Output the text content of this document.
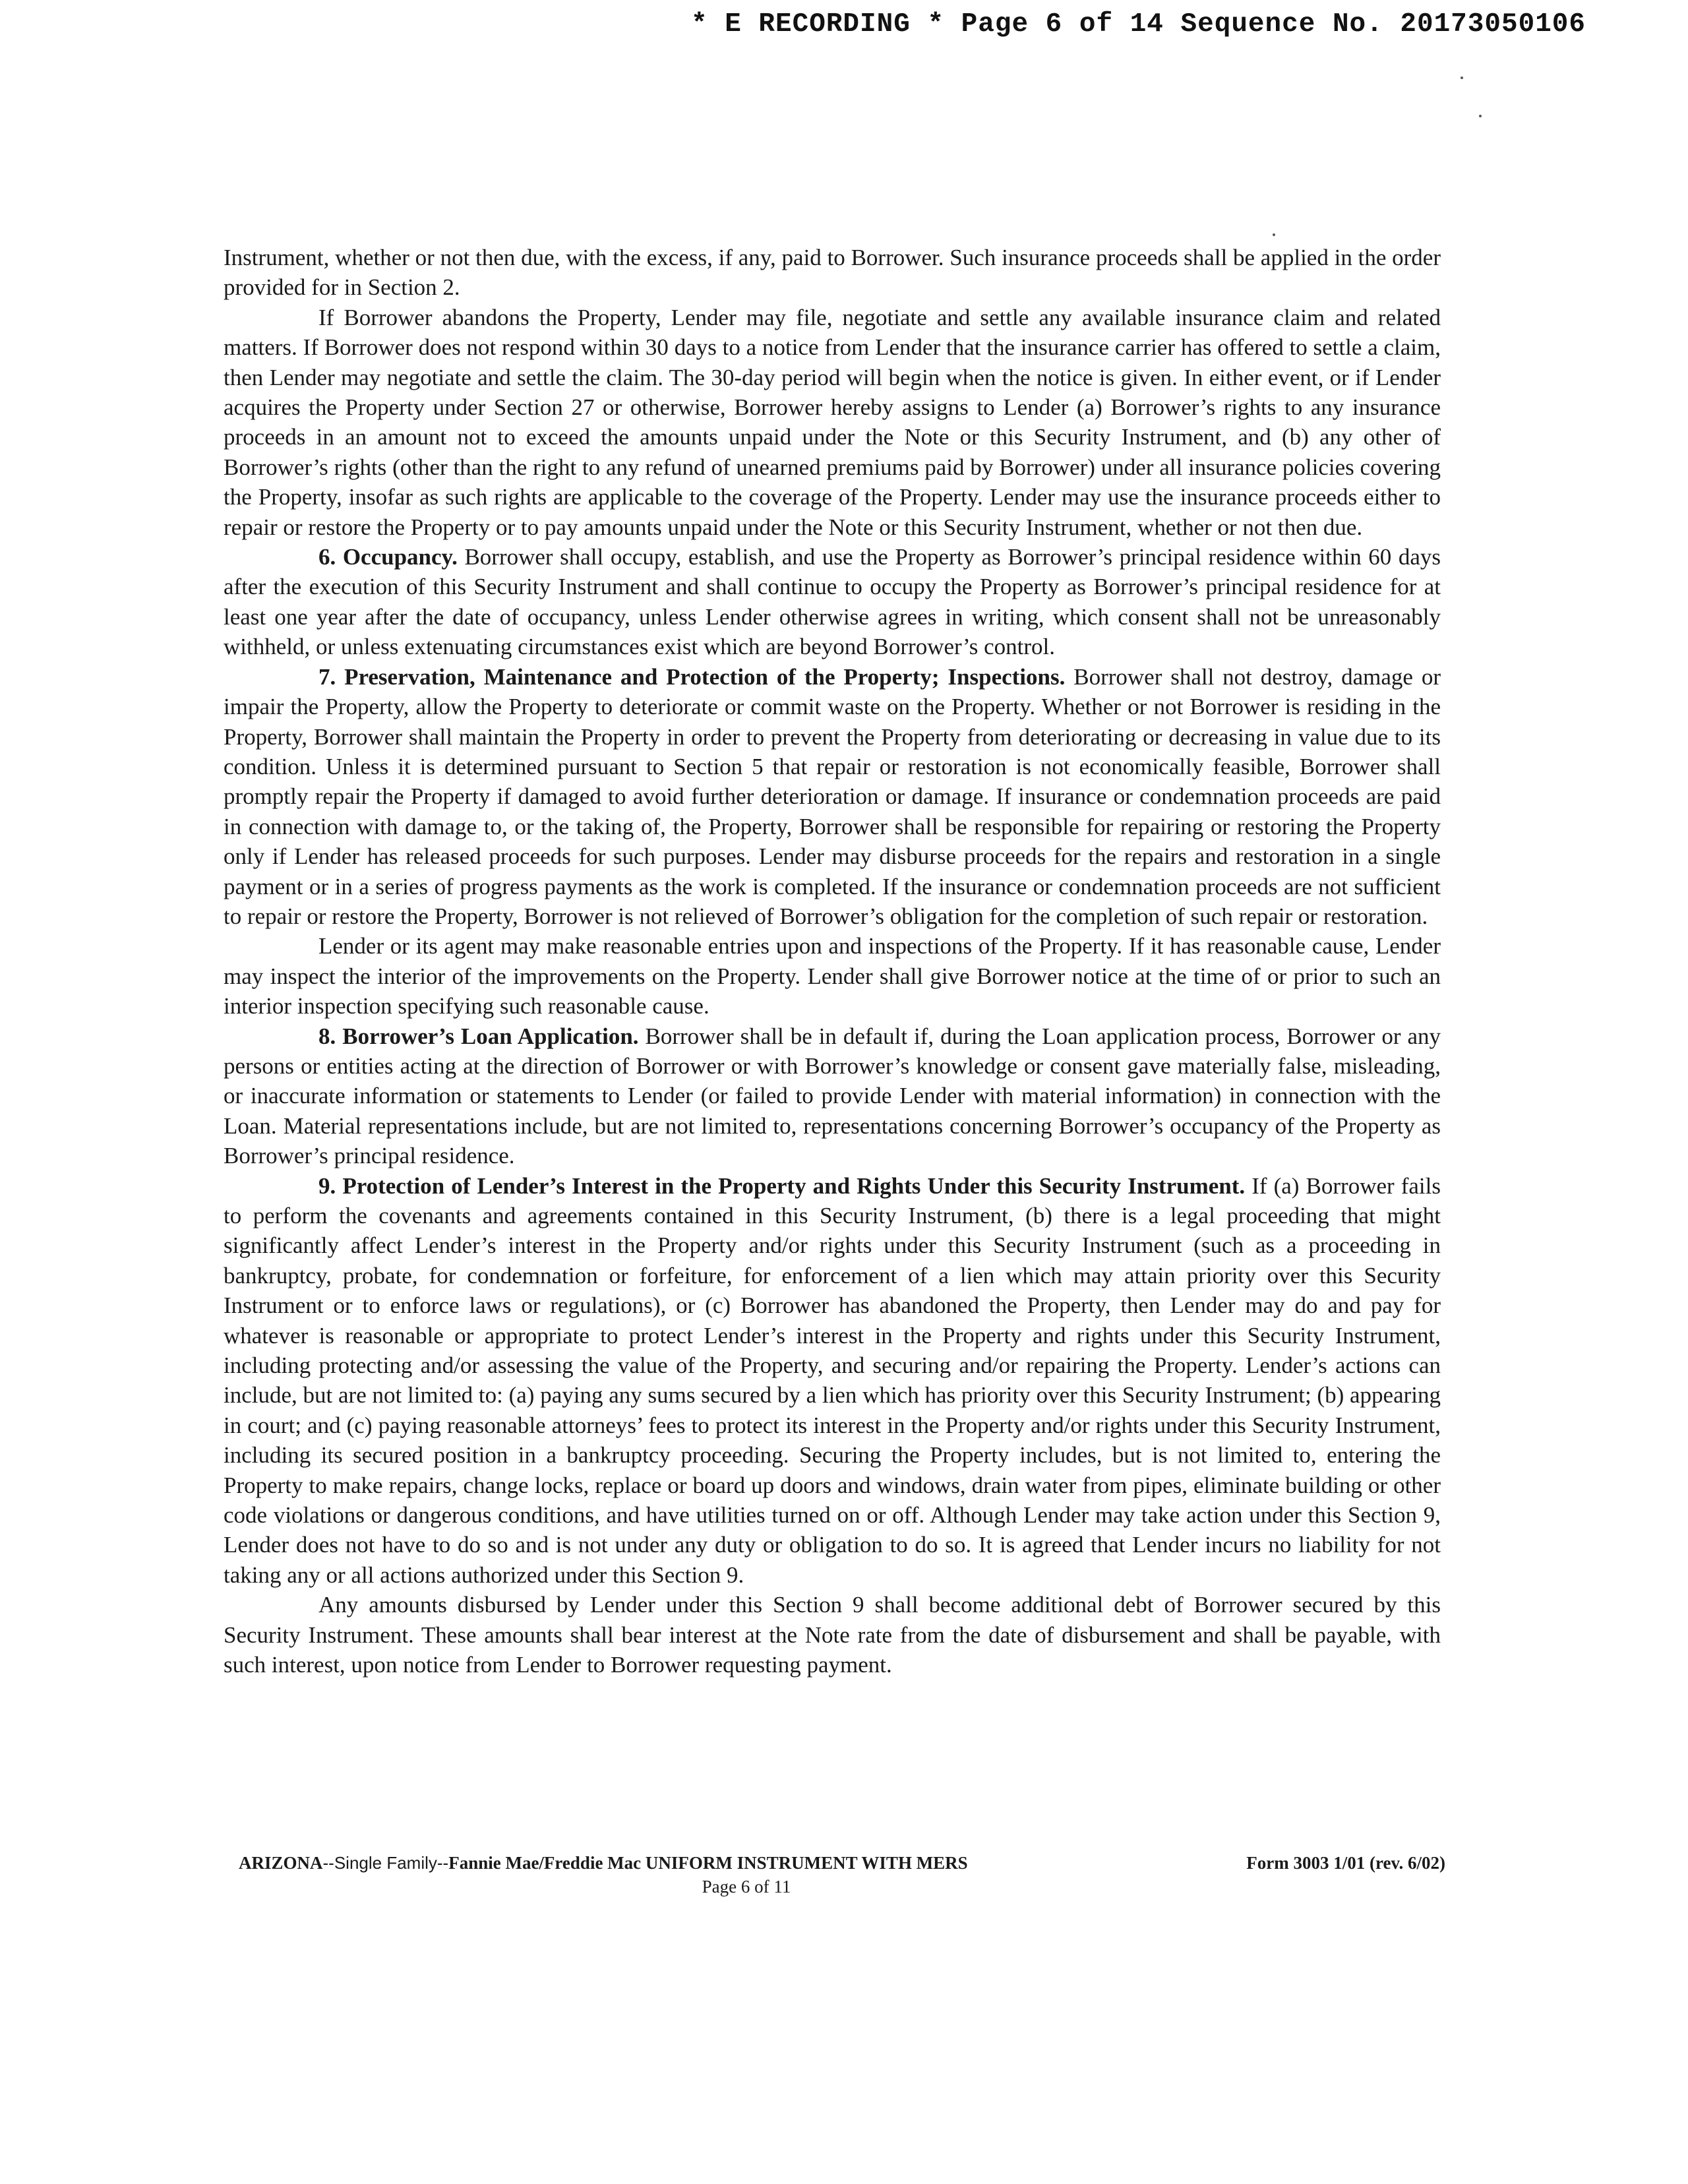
* E RECORDING * Page 6 of 14 Sequence No. 20173050106

Instrument, whether or not then due, with the excess, if any, paid to Borrower. Such insurance proceeds shall be applied in the order provided for in Section 2.

If Borrower abandons the Property, Lender may file, negotiate and settle any available insurance claim and related matters. If Borrower does not respond within 30 days to a notice from Lender that the insurance carrier has offered to settle a claim, then Lender may negotiate and settle the claim. The 30-day period will begin when the notice is given. In either event, or if Lender acquires the Property under Section 27 or otherwise, Borrower hereby assigns to Lender (a) Borrower’s rights to any insurance proceeds in an amount not to exceed the amounts unpaid under the Note or this Security Instrument, and (b) any other of Borrower’s rights (other than the right to any refund of unearned premiums paid by Borrower) under all insurance policies covering the Property, insofar as such rights are applicable to the coverage of the Property. Lender may use the insurance proceeds either to repair or restore the Property or to pay amounts unpaid under the Note or this Security Instrument, whether or not then due.

6. Occupancy. Borrower shall occupy, establish, and use the Property as Borrower’s principal residence within 60 days after the execution of this Security Instrument and shall continue to occupy the Property as Borrower’s principal residence for at least one year after the date of occupancy, unless Lender otherwise agrees in writing, which consent shall not be unreasonably withheld, or unless extenuating circumstances exist which are beyond Borrower’s control.

7. Preservation, Maintenance and Protection of the Property; Inspections. Borrower shall not destroy, damage or impair the Property, allow the Property to deteriorate or commit waste on the Property. Whether or not Borrower is residing in the Property, Borrower shall maintain the Property in order to prevent the Property from deteriorating or decreasing in value due to its condition. Unless it is determined pursuant to Section 5 that repair or restoration is not economically feasible, Borrower shall promptly repair the Property if damaged to avoid further deterioration or damage. If insurance or condemnation proceeds are paid in connection with damage to, or the taking of, the Property, Borrower shall be responsible for repairing or restoring the Property only if Lender has released proceeds for such purposes. Lender may disburse proceeds for the repairs and restoration in a single payment or in a series of progress payments as the work is completed. If the insurance or condemnation proceeds are not sufficient to repair or restore the Property, Borrower is not relieved of Borrower’s obligation for the completion of such repair or restoration.

Lender or its agent may make reasonable entries upon and inspections of the Property. If it has reasonable cause, Lender may inspect the interior of the improvements on the Property. Lender shall give Borrower notice at the time of or prior to such an interior inspection specifying such reasonable cause.

8. Borrower’s Loan Application. Borrower shall be in default if, during the Loan application process, Borrower or any persons or entities acting at the direction of Borrower or with Borrower’s knowledge or consent gave materially false, misleading, or inaccurate information or statements to Lender (or failed to provide Lender with material information) in connection with the Loan. Material representations include, but are not limited to, representations concerning Borrower’s occupancy of the Property as Borrower’s principal residence.

9. Protection of Lender’s Interest in the Property and Rights Under this Security Instrument. If (a) Borrower fails to perform the covenants and agreements contained in this Security Instrument, (b) there is a legal proceeding that might significantly affect Lender’s interest in the Property and/or rights under this Security Instrument (such as a proceeding in bankruptcy, probate, for condemnation or forfeiture, for enforcement of a lien which may attain priority over this Security Instrument or to enforce laws or regulations), or (c) Borrower has abandoned the Property, then Lender may do and pay for whatever is reasonable or appropriate to protect Lender’s interest in the Property and rights under this Security Instrument, including protecting and/or assessing the value of the Property, and securing and/or repairing the Property. Lender’s actions can include, but are not limited to: (a) paying any sums secured by a lien which has priority over this Security Instrument; (b) appearing in court; and (c) paying reasonable attorneys’ fees to protect its interest in the Property and/or rights under this Security Instrument, including its secured position in a bankruptcy proceeding. Securing the Property includes, but is not limited to, entering the Property to make repairs, change locks, replace or board up doors and windows, drain water from pipes, eliminate building or other code violations or dangerous conditions, and have utilities turned on or off. Although Lender may take action under this Section 9, Lender does not have to do so and is not under any duty or obligation to do so. It is agreed that Lender incurs no liability for not taking any or all actions authorized under this Section 9.

Any amounts disbursed by Lender under this Section 9 shall become additional debt of Borrower secured by this Security Instrument. These amounts shall bear interest at the Note rate from the date of disbursement and shall be payable, with such interest, upon notice from Lender to Borrower requesting payment.

ARIZONA--Single Family--Fannie Mae/Freddie Mac UNIFORM INSTRUMENT WITH MERS	Form 3003 1/01 (rev. 6/02)
Page 6 of 11
